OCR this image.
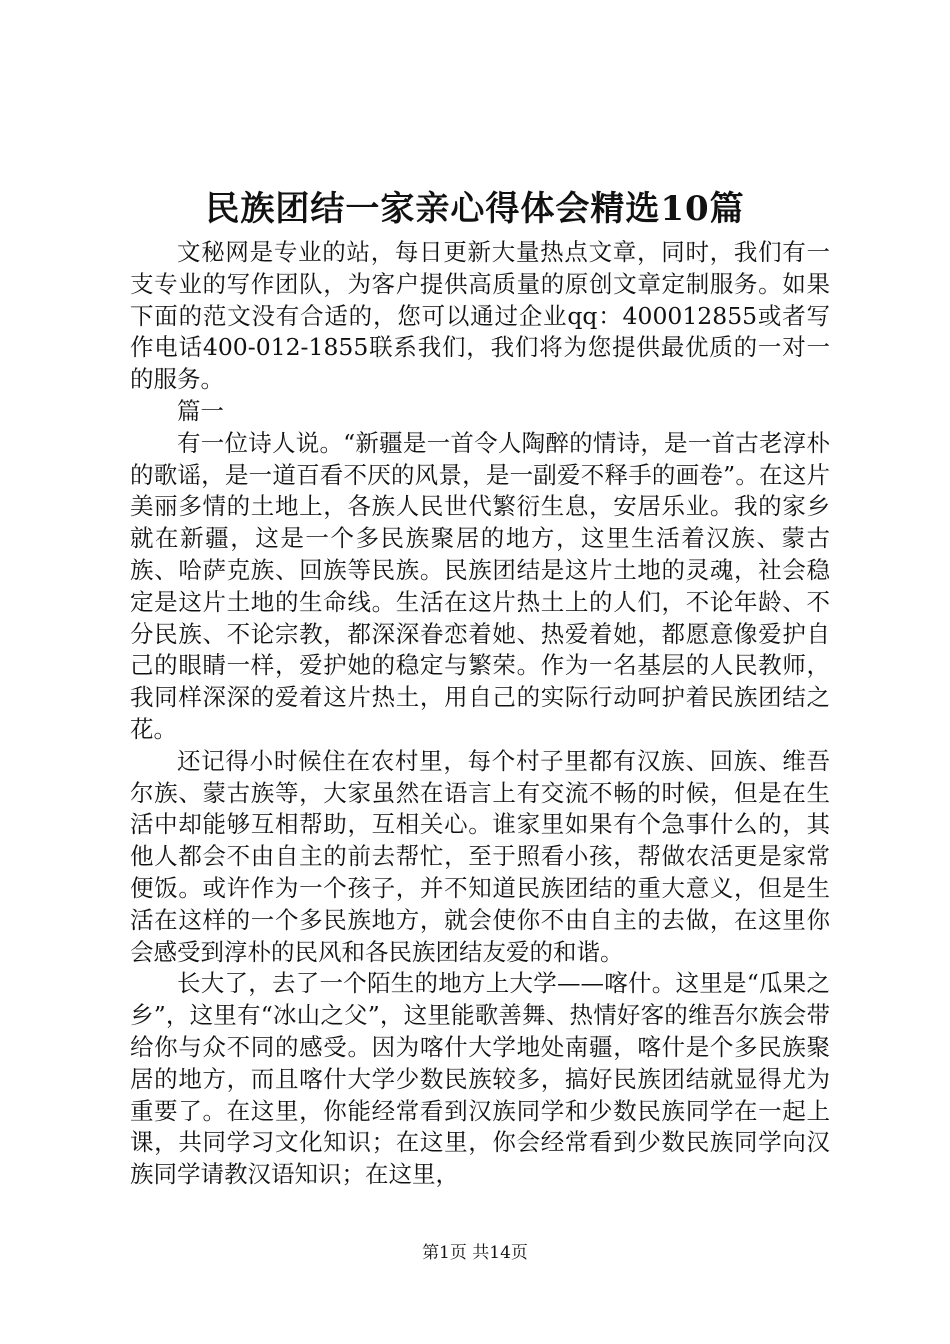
民族团结一家亲心得体会精选10篇

文秘网是专业的站，每日更新大量热点文章，同时，我们有一支专业的写作团队，为客户提供高质量的原创文章定制服务。如果下面的范文没有合适的，您可以通过企业qq：400012855或者写作电话400-012-1855联系我们，我们将为您提供最优质的一对一的服务。

篇一

有一位诗人说。“新疆是一首令人陶醉的情诗，是一首古老淳朴的歌谣，是一道百看不厌的风景，是一副爱不释手的画卷”。在这片美丽多情的土地上，各族人民世代繁衍生息，安居乐业。我的家乡就在新疆，这是一个多民族聚居的地方，这里生活着汉族、蒙古族、哈萨克族、回族等民族。民族团结是这片土地的灵魂，社会稳定是这片土地的生命线。生活在这片热土上的人们，不论年龄、不分民族、不论宗教，都深深眷恋着她、热爱着她，都愿意像爱护自己的眼睛一样，爱护她的稳定与繁荣。作为一名基层的人民教师，我同样深深的爱着这片热土，用自己的实际行动呵护着民族团结之花。

还记得小时候住在农村里，每个村子里都有汉族、回族、维吾尔族、蒙古族等，大家虽然在语言上有交流不畅的时候，但是在生活中却能够互相帮助，互相关心。谁家里如果有个急事什么的，其他人都会不由自主的前去帮忙，至于照看小孩，帮做农活更是家常便饭。或许作为一个孩子，并不知道民族团结的重大意义，但是生活在这样的一个多民族地方，就会使你不由自主的去做，在这里你会感受到淳朴的民风和各民族团结友爱的和谐。

长大了，去了一个陌生的地方上大学——喀什。这里是“瓜果之乡”，这里有“冰山之父”，这里能歌善舞、热情好客的维吾尔族会带给你与众不同的感受。因为喀什大学地处南疆，喀什是个多民族聚居的地方，而且喀什大学少数民族较多，搞好民族团结就显得尤为重要了。在这里，你能经常看到汉族同学和少数民族同学在一起上课，共同学习文化知识；在这里，你会经常看到少数民族同学向汉族同学请教汉语知识；在这里，

第1页 共14页
